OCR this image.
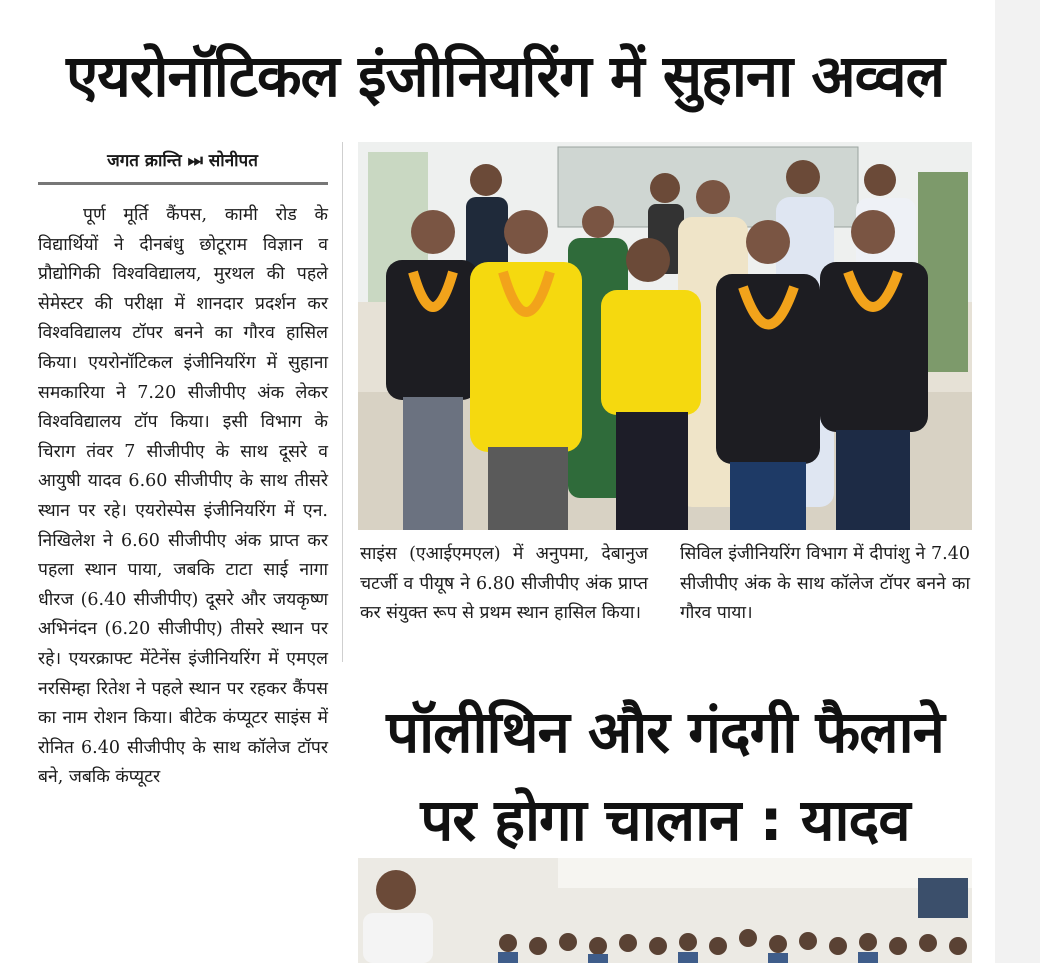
एयरोनॉटिकल इंजीनियरिंग में सुहाना अव्वल
जगत क्रान्ति ⏭ सोनीपत
पूर्ण मूर्ति कैंपस, कामी रोड के विद्यार्थियों ने दीनबंधु छोटूराम विज्ञान व प्रौद्योगिकी विश्वविद्यालय, मुरथल की पहले सेमेस्टर की परीक्षा में शानदार प्रदर्शन कर विश्वविद्यालय टॉपर बनने का गौरव हासिल किया। एयरोनॉटिकल इंजीनियरिंग में सुहाना समकारिया ने 7.20 सीजीपीए अंक लेकर विश्वविद्यालय टॉप किया। इसी विभाग के चिराग तंवर 7 सीजीपीए के साथ दूसरे व आयुषी यादव 6.60 सीजीपीए के साथ तीसरे स्थान पर रहे। एयरोस्पेस इंजीनियरिंग में एन. निखिलेश ने 6.60 सीजीपीए अंक प्राप्त कर पहला स्थान पाया, जबकि टाटा साई नागा धीरज (6.40 सीजीपीए) दूसरे और जयकृष्ण अभिनंदन (6.20 सीजीपीए) तीसरे स्थान पर रहे। एयरक्राफ्ट मेंटेनेंस इंजीनियरिंग में एमएल नरसिम्हा रितेश ने पहले स्थान पर रहकर कैंपस का नाम रोशन किया। बीटेक कंप्यूटर साइंस में रोनित 6.40 सीजीपीए के साथ कॉलेज टॉपर बने, जबकि कंप्यूटर
साइंस (एआईएमएल) में अनुपमा, देबानुज चटर्जी व पीयूष ने 6.80 सीजीपीए अंक प्राप्त कर संयुक्त रूप से प्रथम स्थान हासिल किया।
सिविल इंजीनियरिंग विभाग में दीपांशु ने 7.40 सीजीपीए अंक के साथ कॉलेज टॉपर बनने का गौरव पाया।
पॉलीथिन और गंदगी फैलाने
पर होगा चालान : यादव
